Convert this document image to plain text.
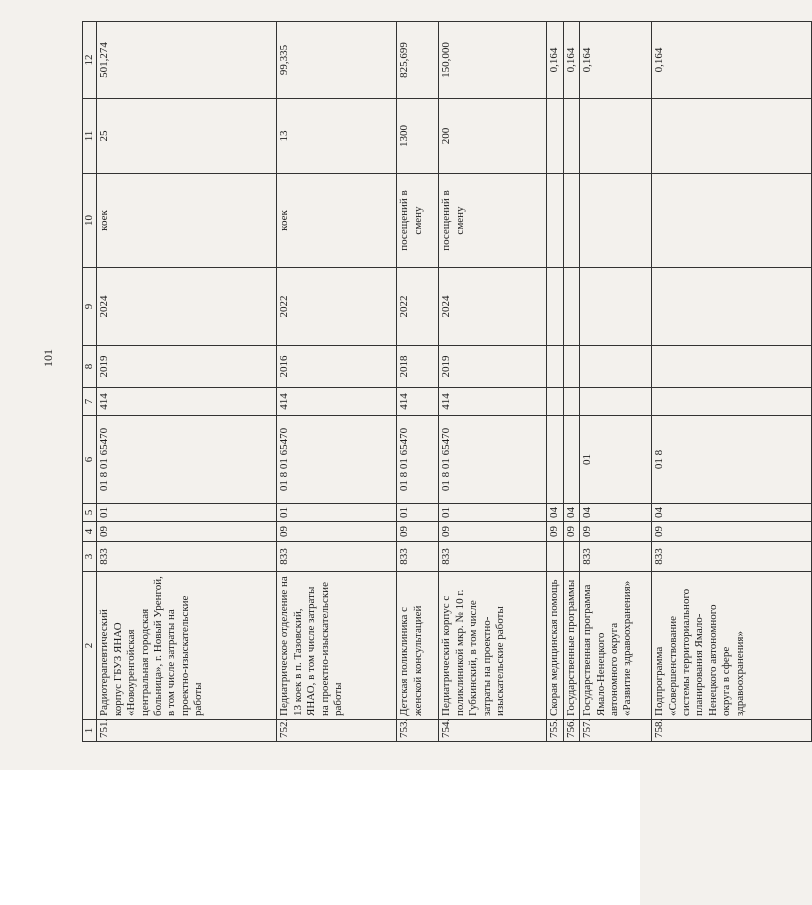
101
1	2	3	4	5	6	7	8	9	10	11	12
751.	Радиотерапевтический корпус ГБУЗ ЯНАО «Новоуренгойская центральная городская больница», г. Новый Уренгой, в том числе затраты на проектно-изыскательские работы	833	09	01	01 8 01 65470	414	2019	2024	коек	25	501,274
752.	Педиатрическое отделение на 13 коек в п. Тазовский, ЯНАО, в том числе затраты на проектно-изыскательские работы	833	09	01	01 8 01 65470	414	2016	2022	коек	13	99,335
753.	Детская поликлиника с женской консультацией	833	09	01	01 8 01 65470	414	2018	2022	посещений в смену	1300	825,699
754.	Педиатрический корпус с поликлиникой мкр. № 10 г. Губкинский, в том числе затраты на проектно-изыскательские работы	833	09	01	01 8 01 65470	414	2019	2024	посещений в смену	200	150,000
755.	Скорая медицинская помощь		09	04							0,164
756.	Государственные программы		09	04							0,164
757.	Государственная программа Ямало-Ненецкого автономного округа «Развитие здравоохранения»	833	09	04	01						0,164
758.	Подпрограмма «Совершенствование системы территориального планирования Ямало-Ненецкого автономного округа в сфере здравоохранения»	833	09	04	01 8						0,164
